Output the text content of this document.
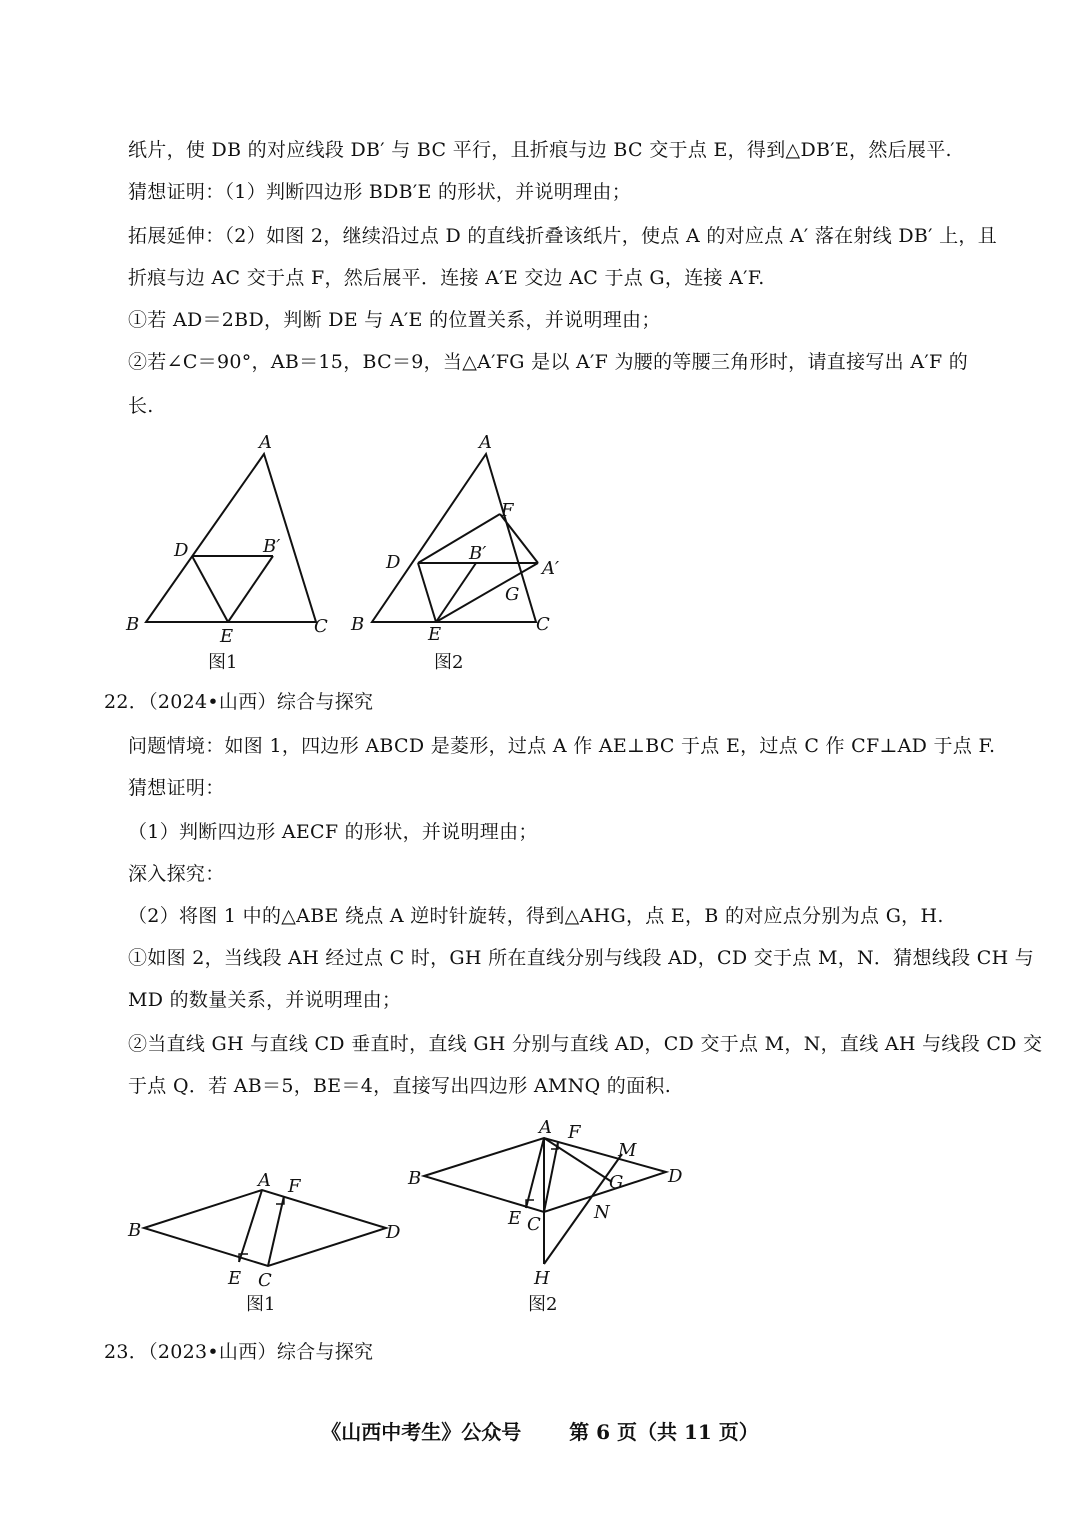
纸片，使 DB 的对应线段 DB′ 与 BC 平行，且折痕与边 BC 交于点 E，得到△DB′E，然后展平.
猜想证明：（1）判断四边形 BDB′E 的形状，并说明理由；
拓展延伸：（2）如图 2，继续沿过点 D 的直线折叠该纸片，使点 A 的对应点 A′ 落在射线 DB′ 上，且
折痕与边 AC 交于点 F，然后展平．连接 A′E 交边 AC 于点 G，连接 A′F.
①若 AD＝2BD，判断 DE 与 A′E 的位置关系，并说明理由；
②若∠C＝90°，AB＝15，BC＝9，当△A′FG 是以 A′F 为腰的等腰三角形时，请直接写出 A′F 的
长.
A
D	B′
B
E	C
图1
A
F
D	B′
A′
G
B	E	C
图2
22．（2024•山西）综合与探究
问题情境：如图 1，四边形 ABCD 是菱形，过点 A 作 AE⊥BC 于点 E，过点 C 作 CF⊥AD 于点 F.
猜想证明：
（1）判断四边形 AECF 的形状，并说明理由；
深入探究：
（2）将图 1 中的△ABE 绕点 A 逆时针旋转，得到△AHG，点 E，B 的对应点分别为点 G，H.
①如图 2，当线段 AH 经过点 C 时，GH 所在直线分别与线段 AD，CD 交于点 M，N．猜想线段 CH 与
MD 的数量关系，并说明理由；
②当直线 GH 与直线 CD 垂直时，直线 GH 分别与直线 AD，CD 交于点 M，N，直线 AH 与线段 CD 交
于点 Q．若 AB＝5，BE＝4，直接写出四边形 AMNQ 的面积.
A F
B	D
E C
图1
A F
M
B	D
G
E C
N
H
图2
23．（2023•山西）综合与探究
《山西中考生》公众号 第 6 页（共 11 页）
